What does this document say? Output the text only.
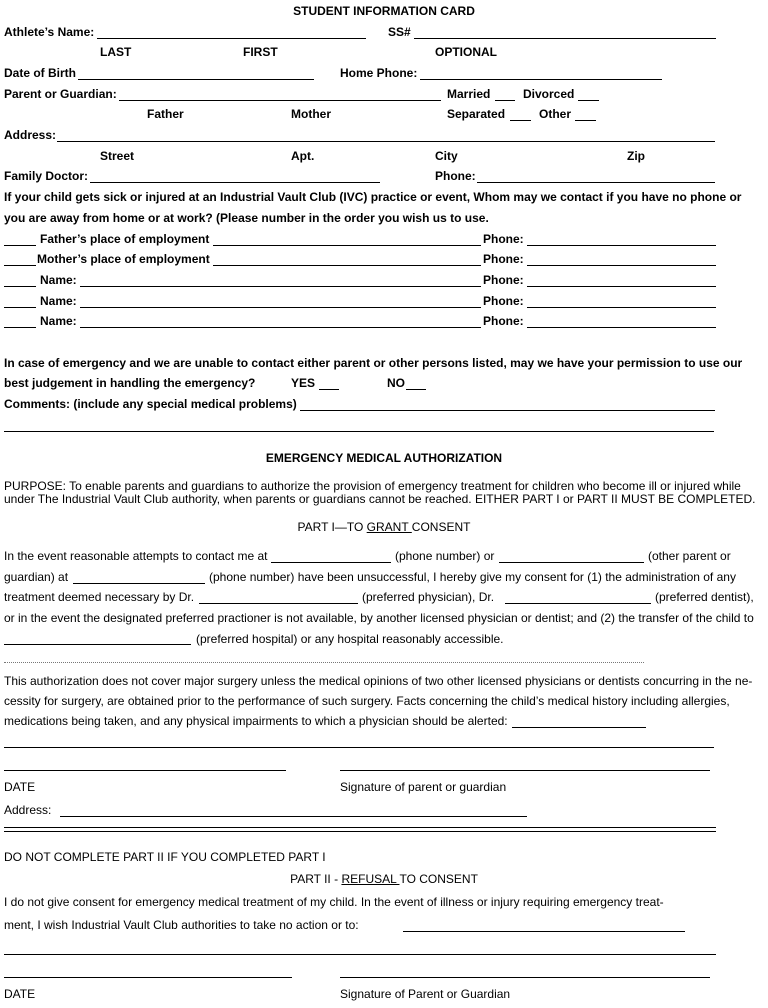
STUDENT INFORMATION CARD
Athlete’s Name:	SS#
LAST	FIRST	OPTIONAL
Date of Birth	Home Phone:
Parent or Guardian:	Married	Divorced
Father	Mother	Separated	Other
Address:
Street	Apt.	City	Zip
Family Doctor:	Phone:
If your child gets sick or injured at an Industrial Vault Club (IVC) practice or event, Whom may we contact if you have no phone or
you are away from home or at work? (Please number in the order you wish us to use.
Father’s place of employment	Phone:
Mother’s place of employment	Phone:
Name:	Phone:
Name:	Phone:
Name:	Phone:
In case of emergency and we are unable to contact either parent or other persons listed, may we have your permission to use our
best judgement in handling the emergency?	YES	NO
Comments: (include any special medical problems)
EMERGENCY MEDICAL AUTHORIZATION
PURPOSE: To enable parents and guardians to authorize the provision of emergency treatment for children who become ill or injured while
under The Industrial Vault Club authority, when parents or guardians cannot be reached. EITHER PART I or PART II MUST BE COMPLETED.
PART I—TO GRANT CONSENT
In the event reasonable attempts to contact me at	(phone number) or	(other parent or
guardian) at	(phone number) have been unsuccessful, I hereby give my consent for (1) the administration of any
treatment deemed necessary by Dr.	(preferred physician), Dr.	(preferred dentist),
or in the event the designated preferred practioner is not available, by another licensed physician or dentist; and (2) the transfer of the child to
(preferred hospital) or any hospital reasonably accessible.
This authorization does not cover major surgery unless the medical opinions of two other licensed physicians or dentists concurring in the ne-
cessity for surgery, are obtained prior to the performance of such surgery. Facts concerning the child’s medical history including allergies,
medications being taken, and any physical impairments to which a physician should be alerted:
DATE	Signature of parent or guardian
Address:
DO NOT COMPLETE PART II IF YOU COMPLETED PART I
PART II - REFUSAL TO CONSENT
I do not give consent for emergency medical treatment of my child. In the event of illness or injury requiring emergency treat-
ment, I wish Industrial Vault Club authorities to take no action or to:
DATE	Signature of Parent or Guardian
